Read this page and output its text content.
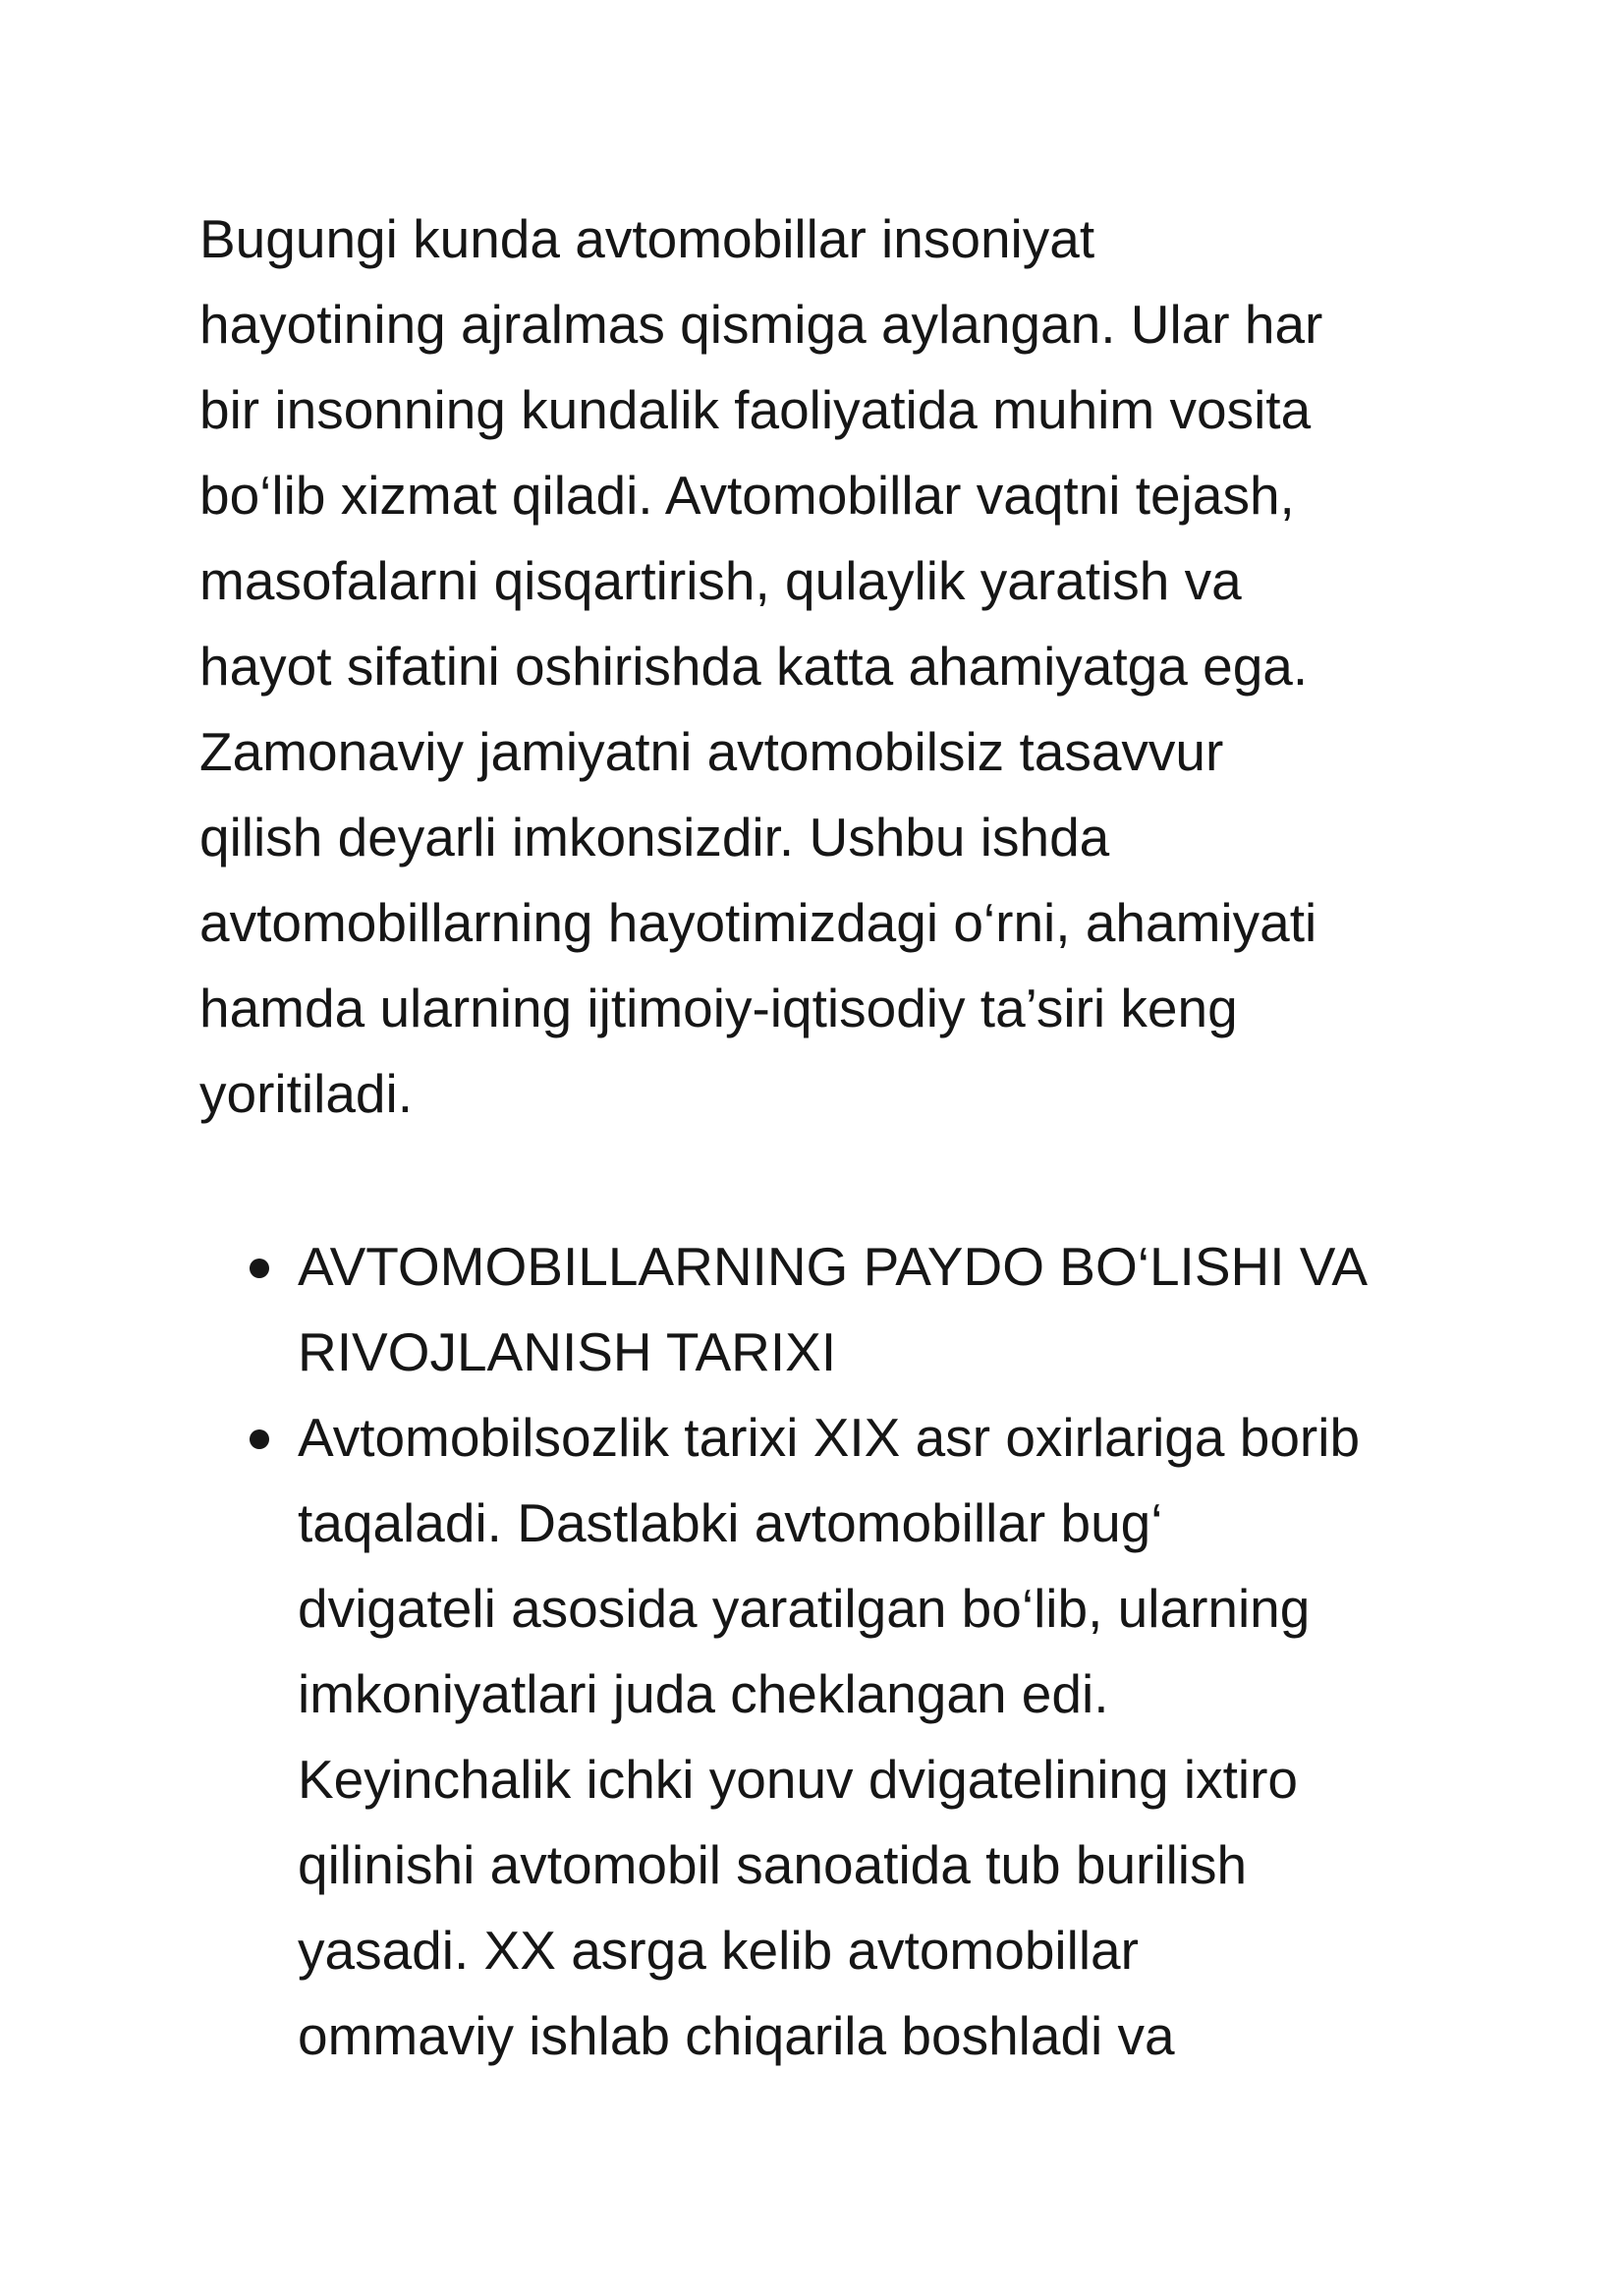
Bugungi kunda avtomobillar insoniyat
hayotining ajralmas qismiga aylangan. Ular har
bir insonning kundalik faoliyatida muhim vosita
bo‘lib xizmat qiladi. Avtomobillar vaqtni tejash,
masofalarni qisqartirish, qulaylik yaratish va
hayot sifatini oshirishda katta ahamiyatga ega.
Zamonaviy jamiyatni avtomobilsiz tasavvur
qilish deyarli imkonsizdir. Ushbu ishda
avtomobillarning hayotimizdagi o‘rni, ahamiyati
hamda ularning ijtimoiy-iqtisodiy ta’siri keng
yoritiladi.

AVTOMOBILLARNING PAYDO BO‘LISHI VA
RIVOJLANISH TARIXI
Avtomobilsozlik tarixi XIX asr oxirlariga borib
taqaladi. Dastlabki avtomobillar bug‘
dvigateli asosida yaratilgan bo‘lib, ularning
imkoniyatlari juda cheklangan edi.
Keyinchalik ichki yonuv dvigatelining ixtiro
qilinishi avtomobil sanoatida tub burilish
yasadi. XX asrga kelib avtomobillar
ommaviy ishlab chiqarila boshladi va
